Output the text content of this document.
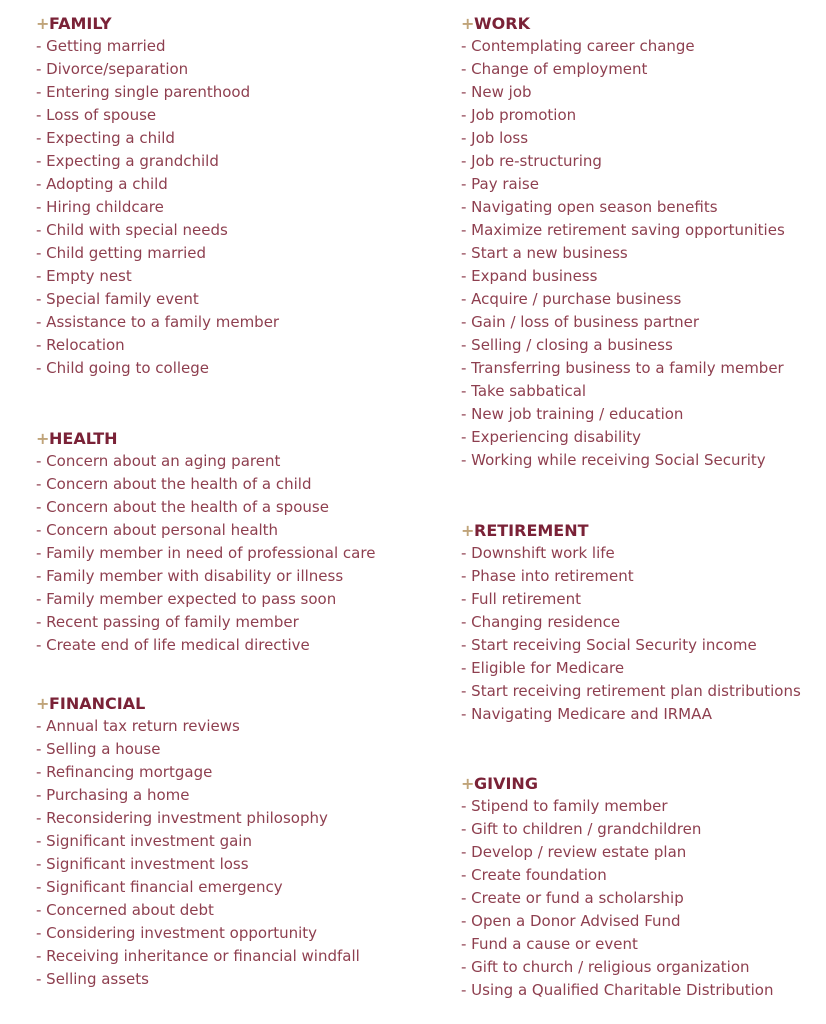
+FAMILY
- Getting married
- Divorce/separation
- Entering single parenthood
- Loss of spouse
- Expecting a child
- Expecting a grandchild
- Adopting a child
- Hiring childcare
- Child with special needs
- Child getting married
- Empty nest
- Special family event
- Assistance to a family member
- Relocation
- Child going to college
+HEALTH
- Concern about an aging parent
- Concern about the health of a child
- Concern about the health of a spouse
- Concern about personal health
- Family member in need of professional care
- Family member with disability or illness
- Family member expected to pass soon
- Recent passing of family member
- Create end of life medical directive
+FINANCIAL
- Annual tax return reviews
- Selling a house
- Refinancing mortgage
- Purchasing a home
- Reconsidering investment philosophy
- Significant investment gain
- Significant investment loss
- Significant financial emergency
- Concerned about debt
- Considering investment opportunity
- Receiving inheritance or financial windfall
- Selling assets
+WORK
- Contemplating career change
- Change of employment
- New job
- Job promotion
- Job loss
- Job re-structuring
- Pay raise
- Navigating open season benefits
- Maximize retirement saving opportunities
- Start a new business
- Expand business
- Acquire / purchase business
- Gain / loss of business partner
- Selling / closing a business
- Transferring business to a family member
- Take sabbatical
- New job training / education
- Experiencing disability
- Working while receiving Social Security
+RETIREMENT
- Downshift work life
- Phase into retirement
- Full retirement
- Changing residence
- Start receiving Social Security income
- Eligible for Medicare
- Start receiving retirement plan distributions
- Navigating Medicare and IRMAA
+GIVING
- Stipend to family member
- Gift to children / grandchildren
- Develop / review estate plan
- Create foundation
- Create or fund a scholarship
- Open a Donor Advised Fund
- Fund a cause or event
- Gift to church / religious organization
- Using a Qualified Charitable Distribution
